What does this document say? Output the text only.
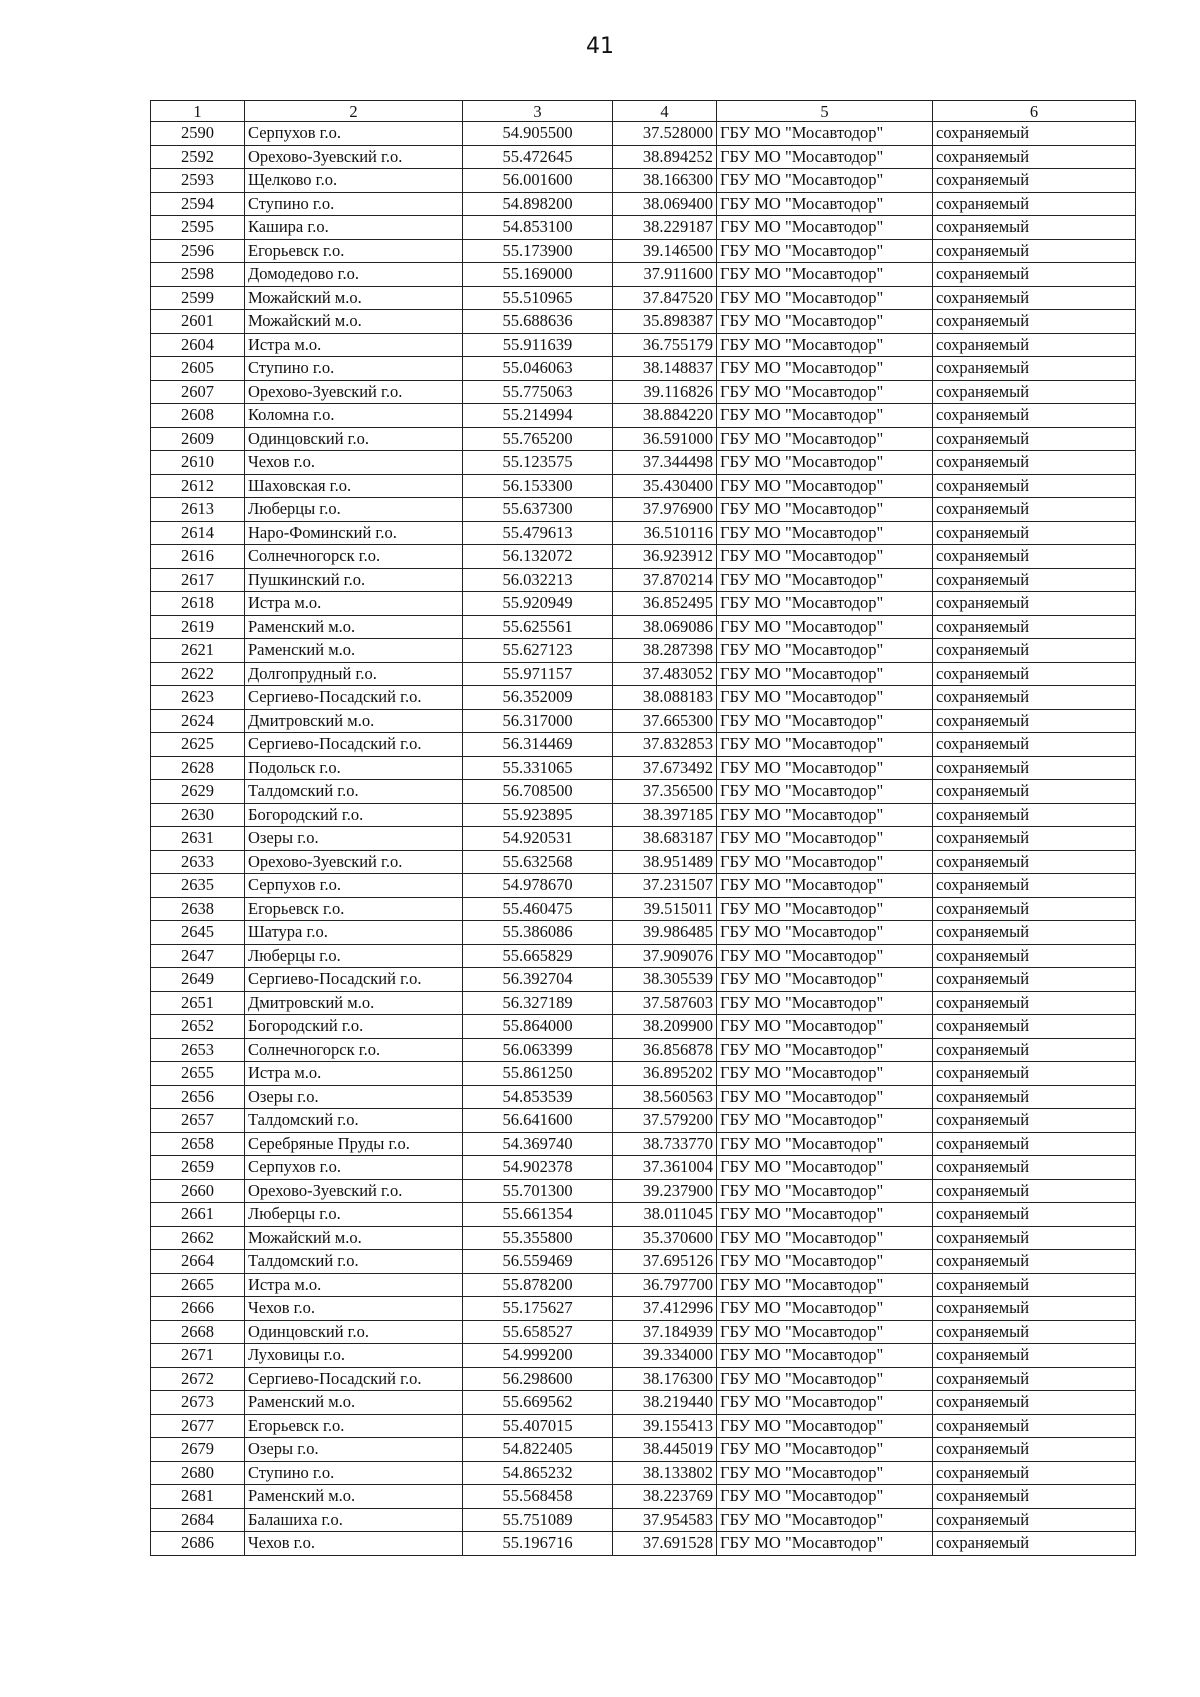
41
1	2	3	4	5	6
2590	Серпухов г.о.	54.905500	37.528000	ГБУ МО "Мосавтодор"	сохраняемый
2592	Орехово-Зуевский г.о.	55.472645	38.894252	ГБУ МО "Мосавтодор"	сохраняемый
2593	Щелково г.о.	56.001600	38.166300	ГБУ МО "Мосавтодор"	сохраняемый
2594	Ступино г.о.	54.898200	38.069400	ГБУ МО "Мосавтодор"	сохраняемый
2595	Кашира г.о.	54.853100	38.229187	ГБУ МО "Мосавтодор"	сохраняемый
2596	Егорьевск г.о.	55.173900	39.146500	ГБУ МО "Мосавтодор"	сохраняемый
2598	Домодедово г.о.	55.169000	37.911600	ГБУ МО "Мосавтодор"	сохраняемый
2599	Можайский м.о.	55.510965	37.847520	ГБУ МО "Мосавтодор"	сохраняемый
2601	Можайский м.о.	55.688636	35.898387	ГБУ МО "Мосавтодор"	сохраняемый
2604	Истра м.о.	55.911639	36.755179	ГБУ МО "Мосавтодор"	сохраняемый
2605	Ступино г.о.	55.046063	38.148837	ГБУ МО "Мосавтодор"	сохраняемый
2607	Орехово-Зуевский г.о.	55.775063	39.116826	ГБУ МО "Мосавтодор"	сохраняемый
2608	Коломна г.о.	55.214994	38.884220	ГБУ МО "Мосавтодор"	сохраняемый
2609	Одинцовский г.о.	55.765200	36.591000	ГБУ МО "Мосавтодор"	сохраняемый
2610	Чехов г.о.	55.123575	37.344498	ГБУ МО "Мосавтодор"	сохраняемый
2612	Шаховская г.о.	56.153300	35.430400	ГБУ МО "Мосавтодор"	сохраняемый
2613	Люберцы г.о.	55.637300	37.976900	ГБУ МО "Мосавтодор"	сохраняемый
2614	Наро-Фоминский г.о.	55.479613	36.510116	ГБУ МО "Мосавтодор"	сохраняемый
2616	Солнечногорск г.о.	56.132072	36.923912	ГБУ МО "Мосавтодор"	сохраняемый
2617	Пушкинский г.о.	56.032213	37.870214	ГБУ МО "Мосавтодор"	сохраняемый
2618	Истра м.о.	55.920949	36.852495	ГБУ МО "Мосавтодор"	сохраняемый
2619	Раменский м.о.	55.625561	38.069086	ГБУ МО "Мосавтодор"	сохраняемый
2621	Раменский м.о.	55.627123	38.287398	ГБУ МО "Мосавтодор"	сохраняемый
2622	Долгопрудный г.о.	55.971157	37.483052	ГБУ МО "Мосавтодор"	сохраняемый
2623	Сергиево-Посадский г.о.	56.352009	38.088183	ГБУ МО "Мосавтодор"	сохраняемый
2624	Дмитровский м.о.	56.317000	37.665300	ГБУ МО "Мосавтодор"	сохраняемый
2625	Сергиево-Посадский г.о.	56.314469	37.832853	ГБУ МО "Мосавтодор"	сохраняемый
2628	Подольск г.о.	55.331065	37.673492	ГБУ МО "Мосавтодор"	сохраняемый
2629	Талдомский г.о.	56.708500	37.356500	ГБУ МО "Мосавтодор"	сохраняемый
2630	Богородский г.о.	55.923895	38.397185	ГБУ МО "Мосавтодор"	сохраняемый
2631	Озеры г.о.	54.920531	38.683187	ГБУ МО "Мосавтодор"	сохраняемый
2633	Орехово-Зуевский г.о.	55.632568	38.951489	ГБУ МО "Мосавтодор"	сохраняемый
2635	Серпухов г.о.	54.978670	37.231507	ГБУ МО "Мосавтодор"	сохраняемый
2638	Егорьевск г.о.	55.460475	39.515011	ГБУ МО "Мосавтодор"	сохраняемый
2645	Шатура г.о.	55.386086	39.986485	ГБУ МО "Мосавтодор"	сохраняемый
2647	Люберцы г.о.	55.665829	37.909076	ГБУ МО "Мосавтодор"	сохраняемый
2649	Сергиево-Посадский г.о.	56.392704	38.305539	ГБУ МО "Мосавтодор"	сохраняемый
2651	Дмитровский м.о.	56.327189	37.587603	ГБУ МО "Мосавтодор"	сохраняемый
2652	Богородский г.о.	55.864000	38.209900	ГБУ МО "Мосавтодор"	сохраняемый
2653	Солнечногорск г.о.	56.063399	36.856878	ГБУ МО "Мосавтодор"	сохраняемый
2655	Истра м.о.	55.861250	36.895202	ГБУ МО "Мосавтодор"	сохраняемый
2656	Озеры г.о.	54.853539	38.560563	ГБУ МО "Мосавтодор"	сохраняемый
2657	Талдомский г.о.	56.641600	37.579200	ГБУ МО "Мосавтодор"	сохраняемый
2658	Серебряные Пруды г.о.	54.369740	38.733770	ГБУ МО "Мосавтодор"	сохраняемый
2659	Серпухов г.о.	54.902378	37.361004	ГБУ МО "Мосавтодор"	сохраняемый
2660	Орехово-Зуевский г.о.	55.701300	39.237900	ГБУ МО "Мосавтодор"	сохраняемый
2661	Люберцы г.о.	55.661354	38.011045	ГБУ МО "Мосавтодор"	сохраняемый
2662	Можайский м.о.	55.355800	35.370600	ГБУ МО "Мосавтодор"	сохраняемый
2664	Талдомский г.о.	56.559469	37.695126	ГБУ МО "Мосавтодор"	сохраняемый
2665	Истра м.о.	55.878200	36.797700	ГБУ МО "Мосавтодор"	сохраняемый
2666	Чехов г.о.	55.175627	37.412996	ГБУ МО "Мосавтодор"	сохраняемый
2668	Одинцовский г.о.	55.658527	37.184939	ГБУ МО "Мосавтодор"	сохраняемый
2671	Луховицы г.о.	54.999200	39.334000	ГБУ МО "Мосавтодор"	сохраняемый
2672	Сергиево-Посадский г.о.	56.298600	38.176300	ГБУ МО "Мосавтодор"	сохраняемый
2673	Раменский м.о.	55.669562	38.219440	ГБУ МО "Мосавтодор"	сохраняемый
2677	Егорьевск г.о.	55.407015	39.155413	ГБУ МО "Мосавтодор"	сохраняемый
2679	Озеры г.о.	54.822405	38.445019	ГБУ МО "Мосавтодор"	сохраняемый
2680	Ступино г.о.	54.865232	38.133802	ГБУ МО "Мосавтодор"	сохраняемый
2681	Раменский м.о.	55.568458	38.223769	ГБУ МО "Мосавтодор"	сохраняемый
2684	Балашиха г.о.	55.751089	37.954583	ГБУ МО "Мосавтодор"	сохраняемый
2686	Чехов г.о.	55.196716	37.691528	ГБУ МО "Мосавтодор"	сохраняемый
